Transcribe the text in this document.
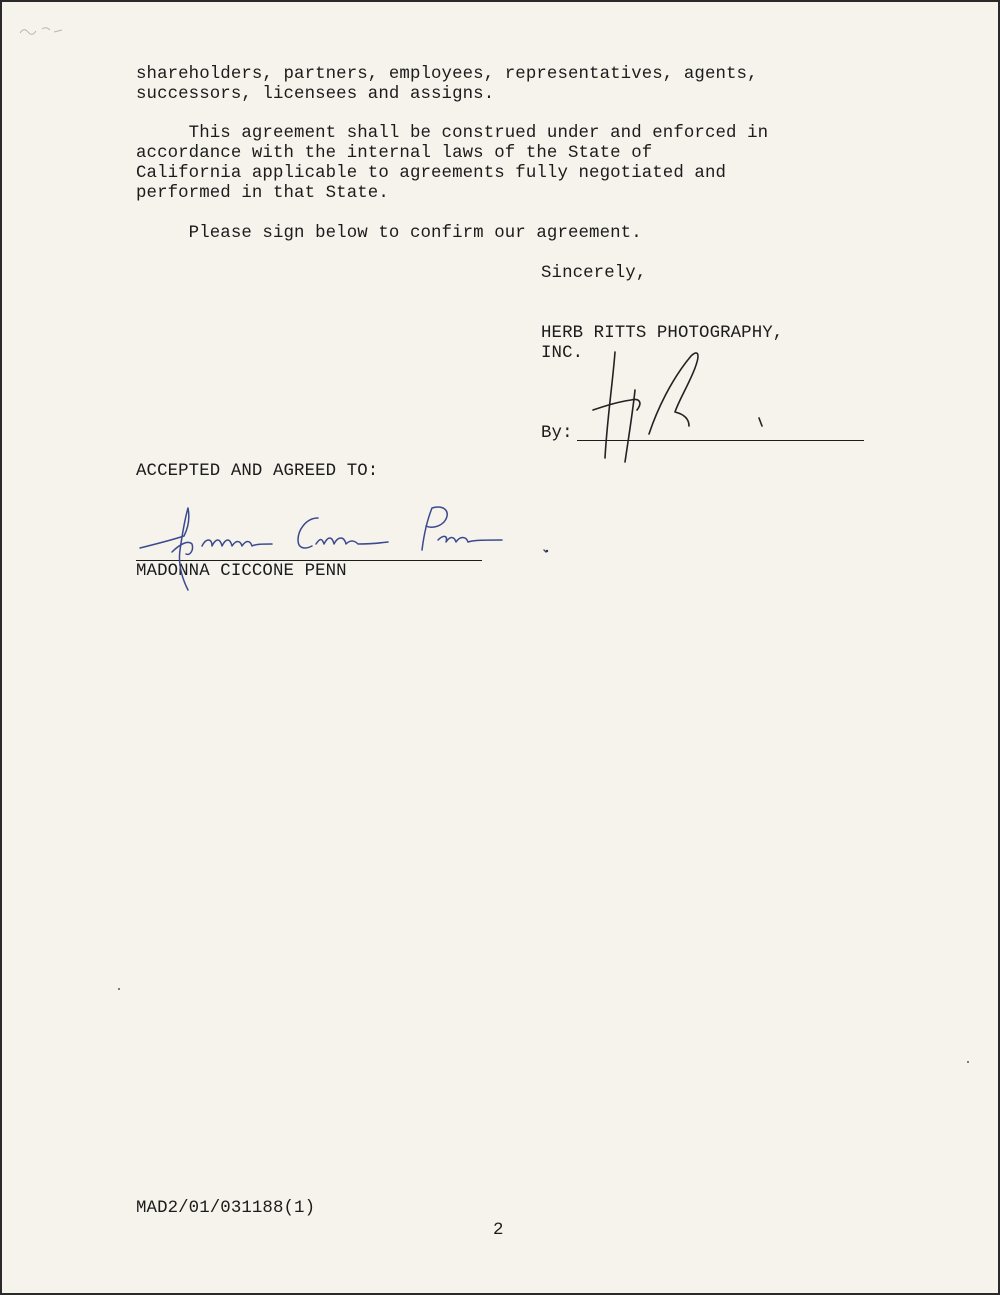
shareholders, partners, employees, representatives, agents,
successors, licensees and assigns.
This agreement shall be construed under and enforced in
accordance with the internal laws of the State of
California applicable to agreements fully negotiated and
performed in that State.
Please sign below to confirm our agreement.
Sincerely,
HERB RITTS PHOTOGRAPHY,
INC.
By:
ACCEPTED AND AGREED TO:
MADONNA CICCONE PENN
MAD2/01/031188(1)
2
